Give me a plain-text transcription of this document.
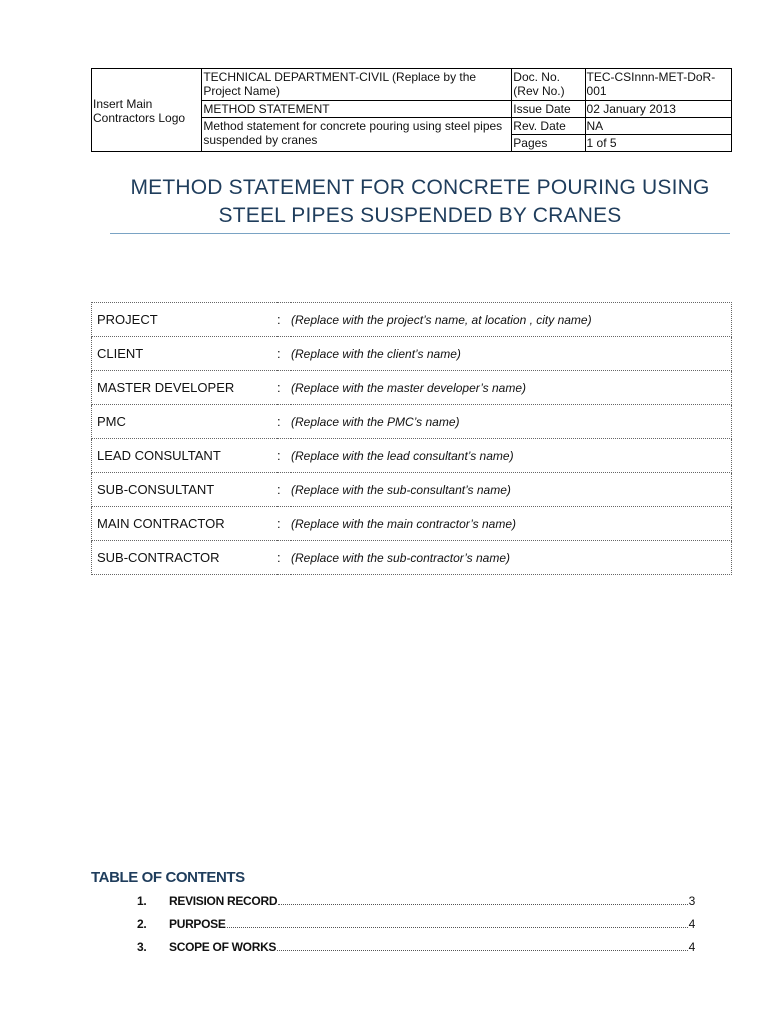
Insert Main Contractors Logo	TECHNICAL DEPARTMENT-CIVIL (Replace by the Project Name)	Doc. No. (Rev No.)	TEC-CSInnn-MET-DoR-001
	METHOD STATEMENT	Issue Date	02 January 2013
	Method statement for concrete pouring using steel pipes suspended by cranes	Rev. Date	NA
		Pages	1 of 5
METHOD STATEMENT FOR CONCRETE POURING USING
STEEL PIPES SUSPENDED BY CRANES
PROJECT	:	(Replace with the project’s name, at location , city name)
CLIENT	:	(Replace with the client’s name)
MASTER DEVELOPER	:	(Replace with the master developer’s name)
PMC	:	(Replace with the PMC’s name)
LEAD CONSULTANT	:	(Replace with the lead consultant’s name)
SUB-CONSULTANT	:	(Replace with the sub-consultant’s name)
MAIN CONTRACTOR	:	(Replace with the main contractor’s name)
SUB-CONTRACTOR	:	(Replace with the sub-contractor’s name)
TABLE OF CONTENTS
1.	REVISION RECORD	3
2.	PURPOSE	4
3.	SCOPE OF WORKS	4
